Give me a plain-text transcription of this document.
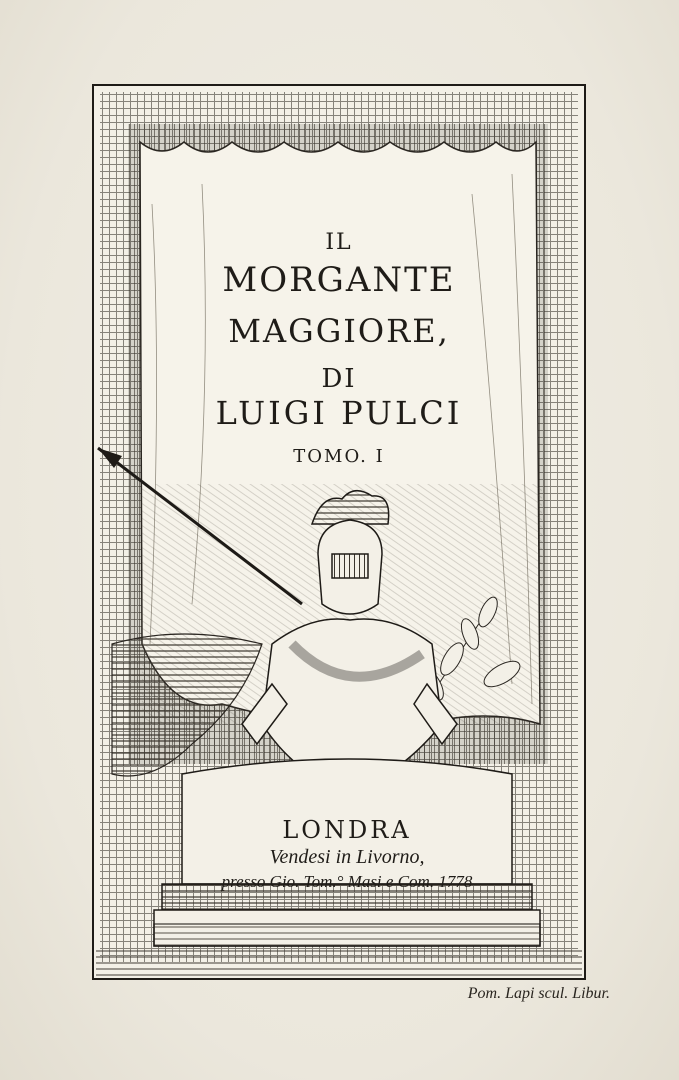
IL
MORGANTE
MAGGIORE,
DI
LUIGI PULCI
TOMO. I
LONDRA
Vendesi in Livorno,
presso Gio. Tom.° Masi e Com. 1778
Pom. Lapi scul. Libur.
